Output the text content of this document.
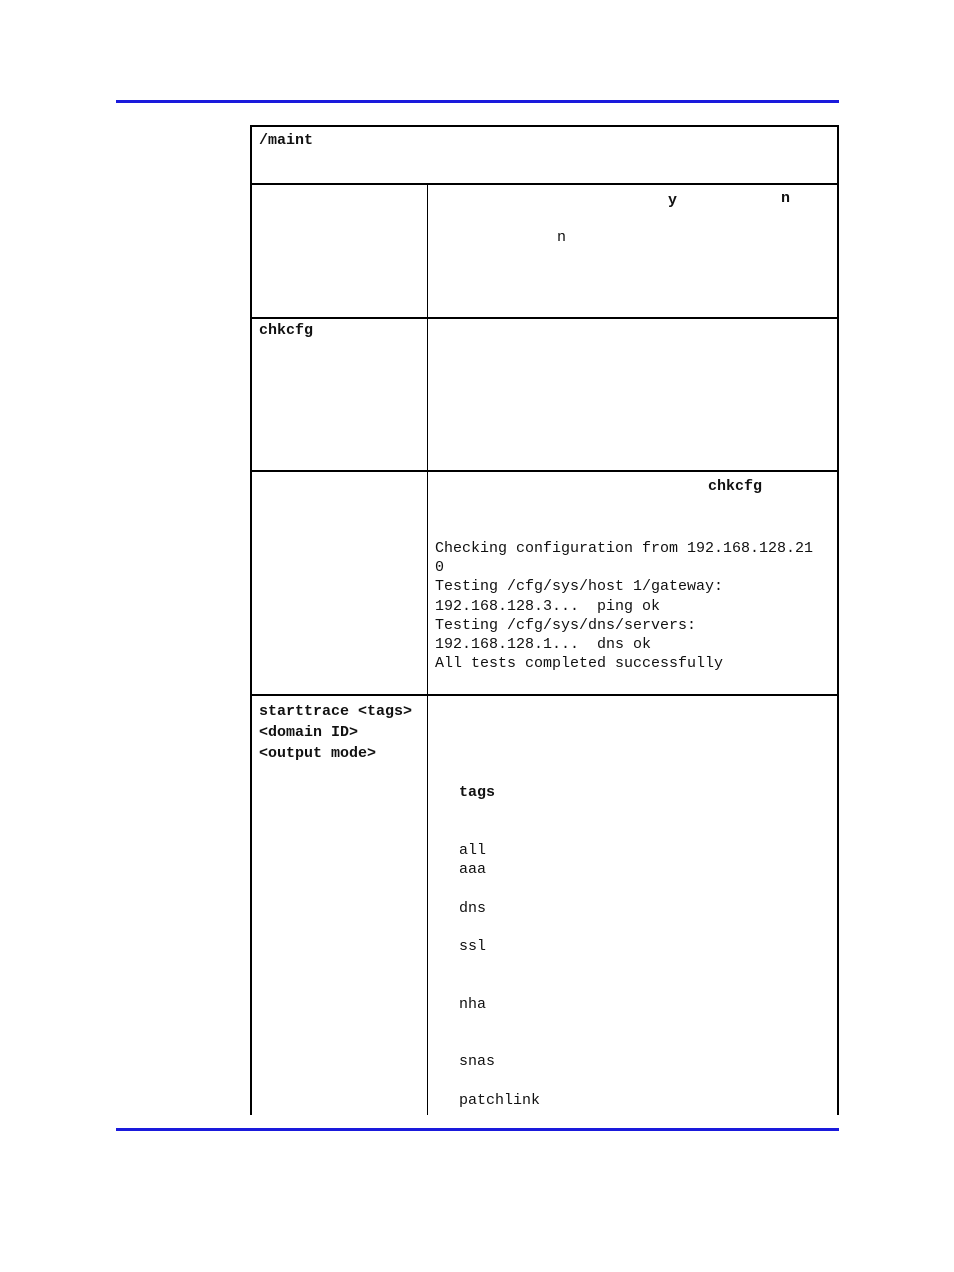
/maint
y	n
n
chkcfg
chkcfg
Checking configuration from 192.168.128.21
0
Testing /cfg/sys/host 1/gateway:
192.168.128.3...  ping ok
Testing /cfg/sys/dns/servers:
192.168.128.1...  dns ok
All tests completed successfully
starttrace <tags>
<domain ID>
<output mode>
tags
all
aaa
dns
ssl
nha
snas
patchlink
